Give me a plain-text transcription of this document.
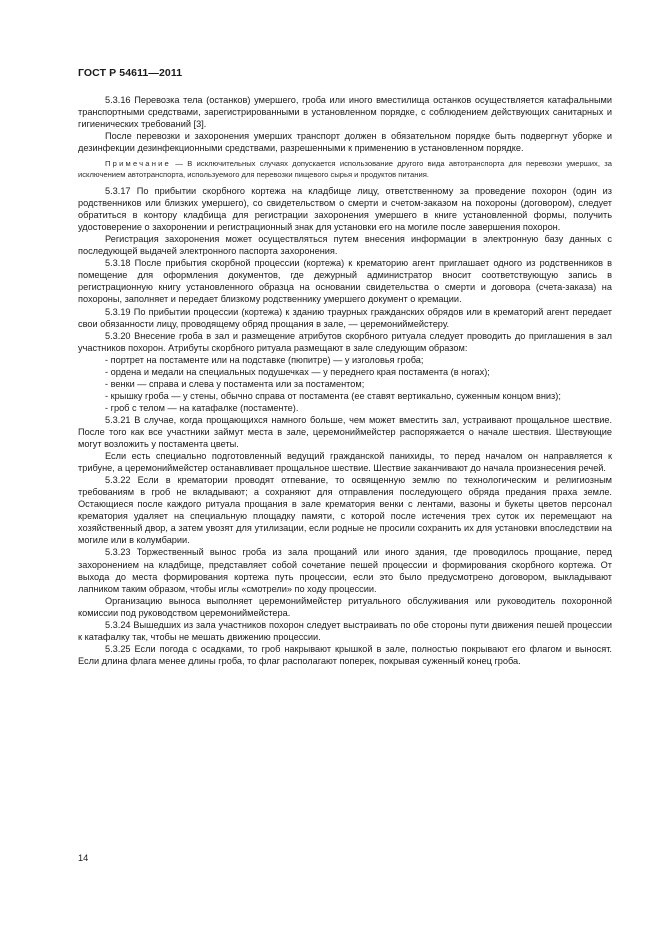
ГОСТ Р 54611—2011

5.3.16 Перевозка тела (останков) умершего, гроба или иного вместилища останков осуществляется катафальными транспортными средствами, зарегистрированными в установленном порядке, с соблюдением действующих санитарных и гигиенических требований [3].

После перевозки и захоронения умерших транспорт должен в обязательном порядке быть подвергнут уборке и дезинфекции дезинфекционными средствами, разрешенными к применению в установленном порядке.

Примечание — В исключительных случаях допускается использование другого вида автотранспорта для перевозки умерших, за исключением автотранспорта, используемого для перевозки пищевого сырья и продуктов питания.

5.3.17 По прибытии скорбного кортежа на кладбище лицу, ответственному за проведение похорон (один из родственников или близких умершего), со свидетельством о смерти и счетом-заказом на похороны (договором), следует обратиться в контору кладбища для регистрации захоронения умершего в книге установленной формы, получить удостоверение о захоронении и регистрационный знак для установки его на могиле после завершения похорон.

Регистрация захоронения может осуществляться путем внесения информации в электронную базу данных с последующей выдачей электронного паспорта захоронения.

5.3.18 После прибытия скорбной процессии (кортежа) к крематорию агент приглашает одного из родственников в помещение для оформления документов, где дежурный администратор вносит соответствующую запись в регистрационную книгу установленного образца на основании свидетельства о смерти и договора (счета-заказа) на похороны, заполняет и передает близкому родственнику умершего документ о кремации.

5.3.19 По прибытии процессии (кортежа) к зданию траурных гражданских обрядов или в крематорий агент передает свои обязанности лицу, проводящему обряд прощания в зале, — церемониймейстеру.

5.3.20 Внесение гроба в зал и размещение атрибутов скорбного ритуала следует проводить до приглашения в зал участников похорон. Атрибуты скорбного ритуала размещают в зале следующим образом:

- портрет на постаменте или на подставке (пюпитре) — у изголовья гроба;

- ордена и медали на специальных подушечках — у переднего края постамента (в ногах);

- венки — справа и слева у постамента или за постаментом;

- крышку гроба — у стены, обычно справа от постамента (ее ставят вертикально, суженным концом вниз);

- гроб с телом — на катафалке (постаменте).

5.3.21 В случае, когда прощающихся намного больше, чем может вместить зал, устраивают прощальное шествие. После того как все участники займут места в зале, церемониймейстер распоряжается о начале шествия. Шествующие могут возложить у постамента цветы.

Если есть специально подготовленный ведущий гражданской панихиды, то перед началом он направляется к трибуне, а церемониймейстер останавливает прощальное шествие. Шествие заканчивают до начала произнесения речей.

5.3.22 Если в крематории проводят отпевание, то освященную землю по технологическим и религиозным требованиям в гроб не вкладывают; а сохраняют для отправления последующего обряда предания праха земле. Остающиеся после каждого ритуала прощания в зале крематория венки с лентами, вазоны и букеты цветов персонал крематория удаляет на специальную площадку памяти, с которой после истечения трех суток их перемещают на хозяйственный двор, а затем увозят для утилизации, если родные не просили сохранить их для установки впоследствии на могиле или в колумбарии.

5.3.23 Торжественный вынос гроба из зала прощаний или иного здания, где проводилось прощание, перед захоронением на кладбище, представляет собой сочетание пешей процессии и формирования скорбного кортежа. От выхода до места формирования кортежа путь процессии, если это было предусмотрено договором, выкладывают лапником таким образом, чтобы иглы «смотрели» по ходу процессии.

Организацию выноса выполняет церемониймейстер ритуального обслуживания или руководитель похоронной комиссии под руководством церемониймейстера.

5.3.24 Вышедших из зала участников похорон следует выстраивать по обе стороны пути движения пешей процессии к катафалку так, чтобы не мешать движению процессии.

5.3.25 Если погода с осадками, то гроб накрывают крышкой в зале, полностью покрывают его флагом и выносят. Если длина флага менее длины гроба, то флаг располагают поперек, покрывая суженный конец гроба.

14
